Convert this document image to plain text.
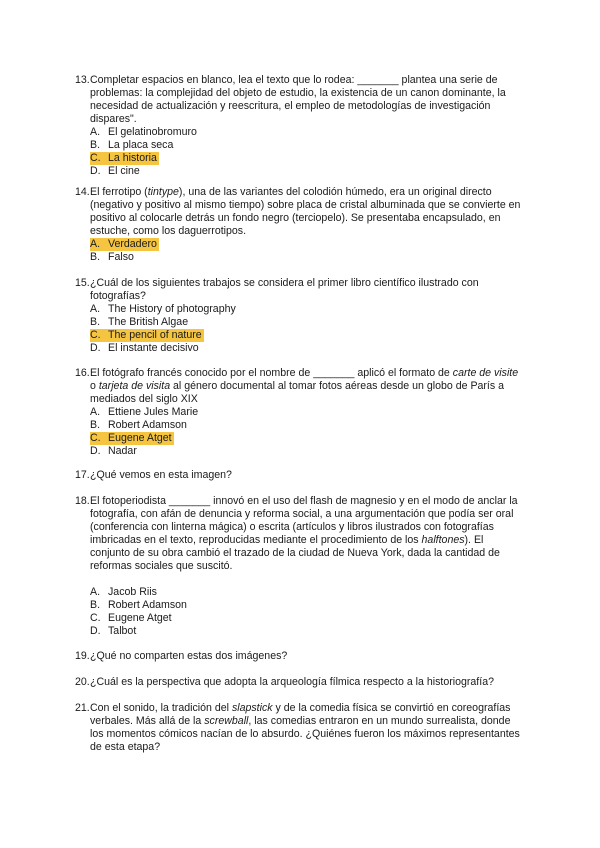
13. Completar espacios en blanco, lea el texto que lo rodea: _______ plantea una serie de problemas: la complejidad del objeto de estudio, la existencia de un canon dominante, la necesidad de actualización y reescritura, el empleo de metodologías de investigación dispares".
A. El gelatinobromuro
B. La placa seca
C. La historia
D. El cine
14. El ferrotipo (tintype), una de las variantes del colodión húmedo, era un original directo (negativo y positivo al mismo tiempo) sobre placa de cristal albuminada que se convierte en positivo al colocarle detrás un fondo negro (terciopelo). Se presentaba encapsulado, en estuche, como los daguerrotipos.
A. Verdadero
B. Falso
15. ¿Cuál de los siguientes trabajos se considera el primer libro científico ilustrado con fotografías?
A. The History of photography
B. The British Algae
C. The pencil of nature
D. El instante decisivo
16. El fotógrafo francés conocido por el nombre de _______ aplicó el formato de carte de visite o tarjeta de visita al género documental al tomar fotos aéreas desde un globo de París a mediados del siglo XIX
A. Ettiene Jules Marie
B. Robert Adamson
C. Eugene Atget
D. Nadar
17. ¿Qué vemos en esta imagen?
18. El fotoperiodista _______ innovó en el uso del flash de magnesio y en el modo de anclar la fotografía, con afán de denuncia y reforma social, a una argumentación que podía ser oral (conferencia con linterna mágica) o escrita (artículos y libros ilustrados con fotografías imbricadas en el texto, reproducidas mediante el procedimiento de los halftones). El conjunto de su obra cambió el trazado de la ciudad de Nueva York, dada la cantidad de reformas sociales que suscitó.
A. Jacob Riis
B. Robert Adamson
C. Eugene Atget
D. Talbot
19. ¿Qué no comparten estas dos imágenes?
20. ¿Cuál es la perspectiva que adopta la arqueología fílmica respecto a la historiografía?
21. Con el sonido, la tradición del slapstick y de la comedia física se convirtió en coreografías verbales. Más allá de la screwball, las comedias entraron en un mundo surrealista, donde los momentos cómicos nacían de lo absurdo. ¿Quiénes fueron los máximos representantes de esta etapa?
